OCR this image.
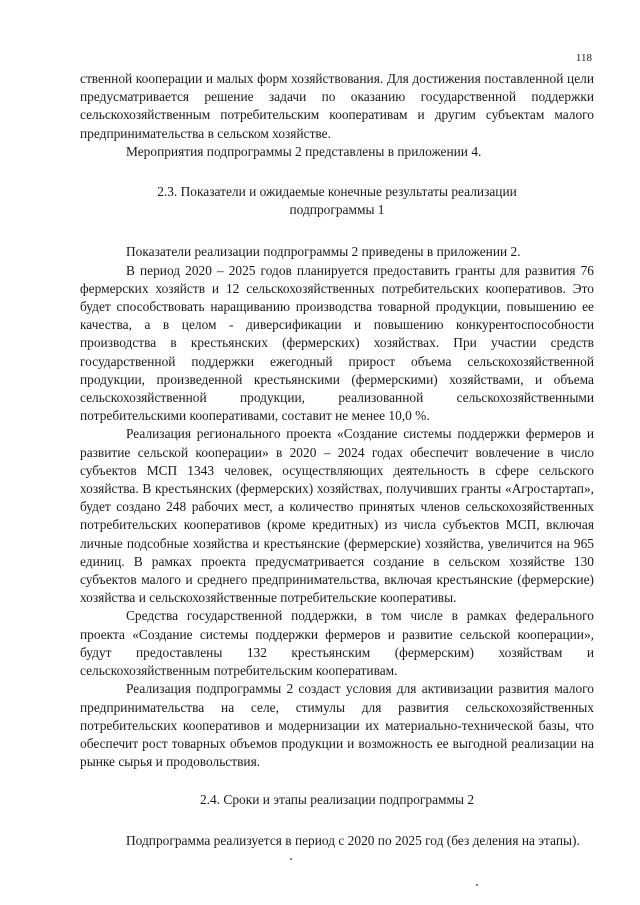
118

ственной кооперации и малых форм хозяйствования. Для достижения поставленной цели предусматривается решение задачи по оказанию государственной поддержки сельскохозяйственным потребительским кооперативам и другим субъектам малого предпринимательства в сельском хозяйстве.

Мероприятия подпрограммы 2 представлены в приложении 4.

2.3. Показатели и ожидаемые конечные результаты реализации
подпрограммы 1

Показатели реализации подпрограммы 2 приведены в приложении 2.

В период 2020 – 2025 годов планируется предоставить гранты для развития 76 фермерских хозяйств и 12 сельскохозяйственных потребительских кооперативов. Это будет способствовать наращиванию производства товарной продукции, повышению ее качества, а в целом - диверсификации и повышению конкурентоспособности производства в крестьянских (фермерских) хозяйствах. При участии средств государственной поддержки ежегодный прирост объема сельскохозяйственной продукции, произведенной крестьянскими (фермерскими) хозяйствами, и объема сельскохозяйственной продукции, реализованной сельскохозяйственными потребительскими кооперативами, составит не менее 10,0 %.

Реализация регионального проекта «Создание системы поддержки фермеров и развитие сельской кооперации» в 2020 – 2024 годах обеспечит вовлечение в число субъектов МСП 1343 человек, осуществляющих деятельность в сфере сельского хозяйства. В крестьянских (фермерских) хозяйствах, получивших гранты «Агростартап», будет создано 248 рабочих мест, а количество принятых членов сельскохозяйственных потребительских кооперативов (кроме кредитных) из числа субъектов МСП, включая личные подсобные хозяйства и крестьянские (фермерские) хозяйства, увеличится на 965 единиц. В рамках проекта предусматривается создание в сельском хозяйстве 130 субъектов малого и среднего предпринимательства, включая крестьянские (фермерские) хозяйства и сельскохозяйственные потребительские кооперативы.

Средства государственной поддержки, в том числе в рамках федерального проекта «Создание системы поддержки фермеров и развитие сельской кооперации», будут предоставлены 132 крестьянским (фермерским) хозяйствам и сельскохозяйственным потребительским кооперативам.

Реализация подпрограммы 2 создаст условия для активизации развития малого предпринимательства на селе, стимулы для развития сельскохозяйственных потребительских кооперативов и модернизации их материально-технической базы, что обеспечит рост товарных объемов продукции и возможность ее выгодной реализации на рынке сырья и продовольствия.

2.4. Сроки и этапы реализации подпрограммы 2

Подпрограмма реализуется в период с 2020 по 2025 год (без деления на этапы).
